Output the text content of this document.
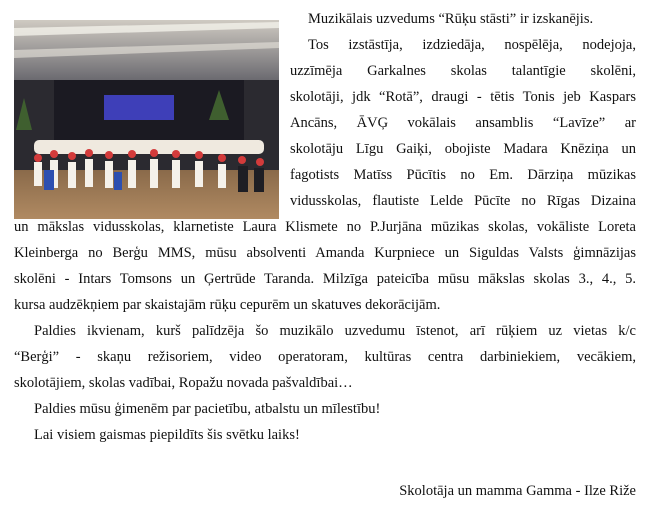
Muzikālais uzvedums “Rūķu stāsti” ir izskanējis.
Tos izstāstīja, izdziedāja, nospēlēja, nodejoja,
uzzīmēja Garkalnes skolas talantīgie skolēni,
skolotāji, jdk “Rotā”, draugi - tētis Tonis jeb Kaspars
Ancāns, ĀVĢ vokālais ansamblis “Lavīze” ar
skolotāju Līgu Gaiķi, obojiste Madara Knēziņa un
fagotists Matīss Pūcītis no Em. Dārziņa mūzikas
vidusskolas, flautiste Lelde Pūcīte no Rīgas Dizaina
un mākslas vidusskolas, klarnetiste Laura Klismete no P.Jurjāna mūzikas skolas, vokāliste Loreta
Kleinberga no Berģu MMS, mūsu absolventi Amanda Kurpniece un Siguldas Valsts ģimnāzijas
skolēni - Intars Tomsons un Ģertrūde Taranda. Milzīga pateicība mūsu mākslas skolas 3., 4., 5.
kursa audzēkņiem par skaistajām rūķu cepurēm un skatuves dekorācijām.
Paldies ikvienam, kurš palīdzēja šo muzikālo uzvedumu īstenot, arī rūķiem uz vietas k/c
“Berģi” - skaņu režisoriem, video operatoram, kultūras centra darbiniekiem, vecākiem,
skolotājiem, skolas vadībai, Ropažu novada pašvaldībai…
Paldies mūsu ģimenēm par pacietību, atbalstu un mīlestību!
Lai visiem gaismas piepildīts šis svētku laiks!
Skolotāja un mamma Gamma - Ilze Riže
